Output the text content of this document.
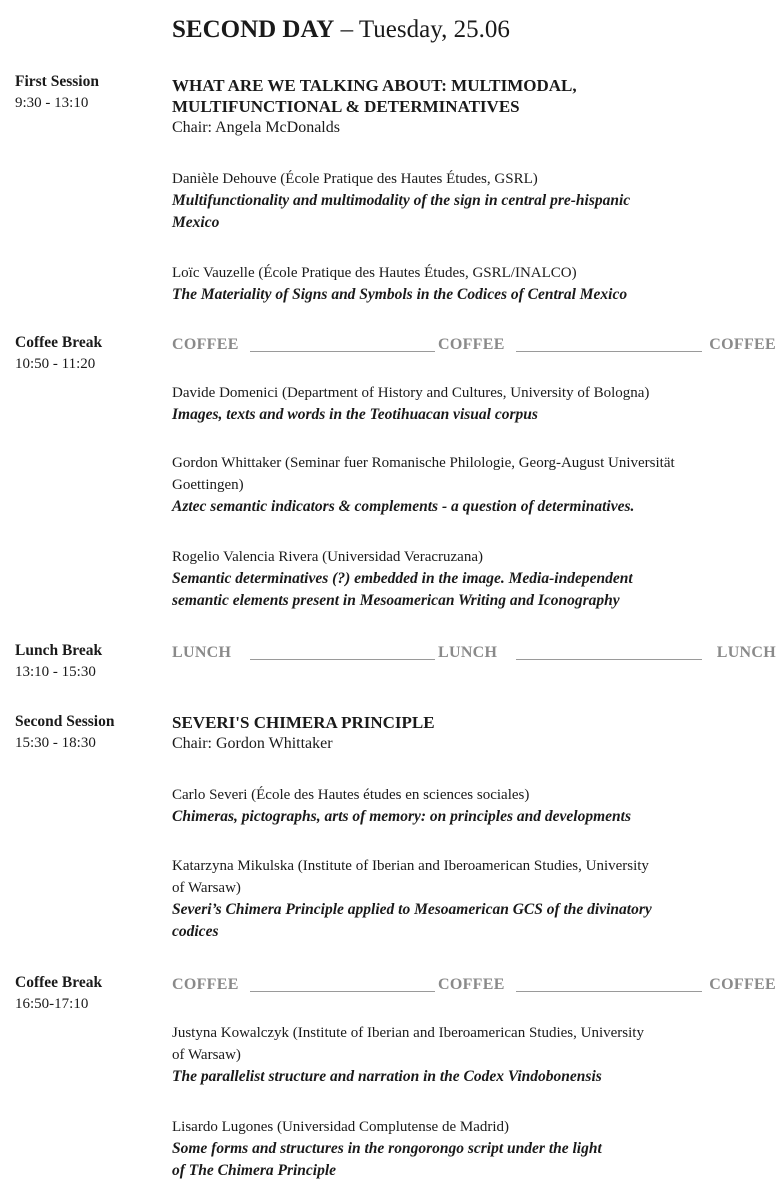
SECOND DAY – Tuesday, 25.06
First Session
9:30 - 13:10
WHAT ARE WE TALKING ABOUT: MULTIMODAL,
MULTIFUNCTIONAL & DETERMINATIVES
Chair: Angela McDonalds
Danièle Dehouve (École Pratique des Hautes Études, GSRL)
Multifunctionality and multimodality of the sign in central pre-hispanic
Mexico
Loïc Vauzelle (École Pratique des Hautes Études, GSRL/INALCO)
The Materiality of Signs and Symbols in the Codices of Central Mexico
Coffee Break
10:50 - 11:20
COFFEE	COFFEE	COFFEE
Davide Domenici (Department of History and Cultures, University of Bologna)
Images, texts and words in the Teotihuacan visual corpus
Gordon Whittaker (Seminar fuer Romanische Philologie, Georg-August Universität
Goettingen)
Aztec semantic indicators & complements - a question of determinatives.
Rogelio Valencia Rivera (Universidad Veracruzana)
Semantic determinatives (?) embedded in the image. Media-independent
semantic elements present in Mesoamerican Writing and Iconography
Lunch Break
13:10 - 15:30
LUNCH	LUNCH	LUNCH
Second Session
15:30 - 18:30
SEVERI'S CHIMERA PRINCIPLE
Chair: Gordon Whittaker
Carlo Severi (École des Hautes études en sciences sociales)
Chimeras, pictographs, arts of memory: on principles and developments
Katarzyna Mikulska (Institute of Iberian and Iberoamerican Studies, University
of Warsaw)
Severi’s Chimera Principle applied to Mesoamerican GCS of the divinatory
codices
Coffee Break
16:50-17:10
COFFEE	COFFEE	COFFEE
Justyna Kowalczyk (Institute of Iberian and Iberoamerican Studies, University
of Warsaw)
The parallelist structure and narration in the Codex Vindobonensis
Lisardo Lugones (Universidad Complutense de Madrid)
Some forms and structures in the rongorongo script under the light
of The Chimera Principle
